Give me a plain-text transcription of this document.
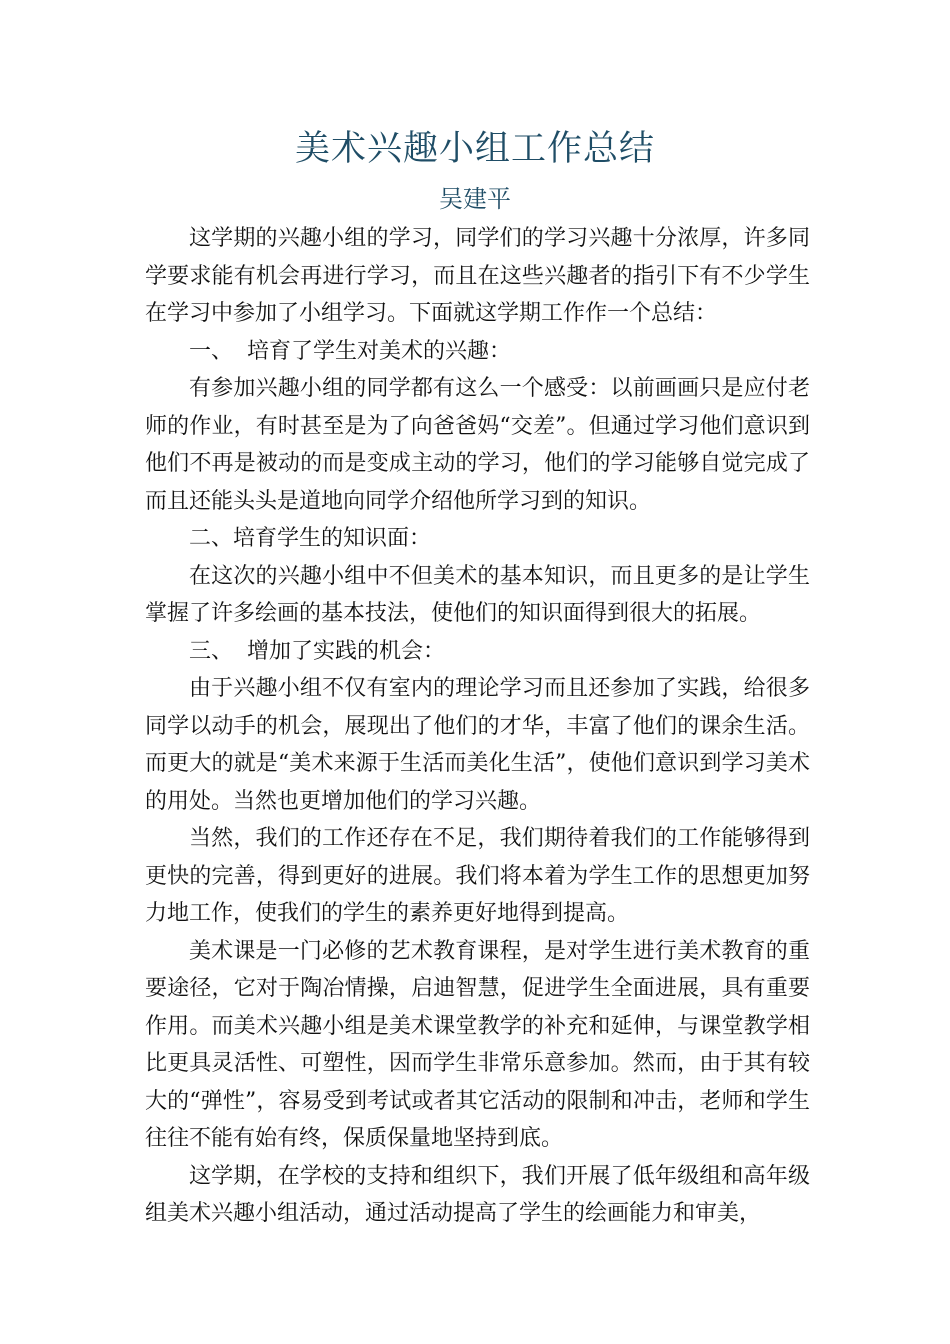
美术兴趣小组工作总结
吴建平

这学期的兴趣小组的学习，同学们的学习兴趣十分浓厚，许多同学要求能有机会再进行学习，而且在这些兴趣者的指引下有不少学生在学习中参加了小组学习。下面就这学期工作作一个总结：

一、  培育了学生对美术的兴趣：

有参加兴趣小组的同学都有这么一个感受：以前画画只是应付老师的作业，有时甚至是为了向爸爸妈“交差”。但通过学习他们意识到他们不再是被动的而是变成主动的学习，他们的学习能够自觉完成了而且还能头头是道地向同学介绍他所学习到的知识。

二、培育学生的知识面：

在这次的兴趣小组中不但美术的基本知识，而且更多的是让学生掌握了许多绘画的基本技法，使他们的知识面得到很大的拓展。

三、  增加了实践的机会：

由于兴趣小组不仅有室内的理论学习而且还参加了实践，给很多同学以动手的机会，展现出了他们的才华，丰富了他们的课余生活。而更大的就是“美术来源于生活而美化生活”，使他们意识到学习美术的用处。当然也更增加他们的学习兴趣。

当然，我们的工作还存在不足，我们期待着我们的工作能够得到更快的完善，得到更好的进展。我们将本着为学生工作的思想更加努力地工作，使我们的学生的素养更好地得到提高。

美术课是一门必修的艺术教育课程，是对学生进行美术教育的重要途径，它对于陶冶情操，启迪智慧，促进学生全面进展，具有重要作用。而美术兴趣小组是美术课堂教学的补充和延伸，与课堂教学相比更具灵活性、可塑性，因而学生非常乐意参加。然而，由于其有较大的“弹性”，容易受到考试或者其它活动的限制和冲击，老师和学生往往不能有始有终，保质保量地坚持到底。

这学期，在学校的支持和组织下，我们开展了低年级组和高年级组美术兴趣小组活动，通过活动提高了学生的绘画能力和审美，
